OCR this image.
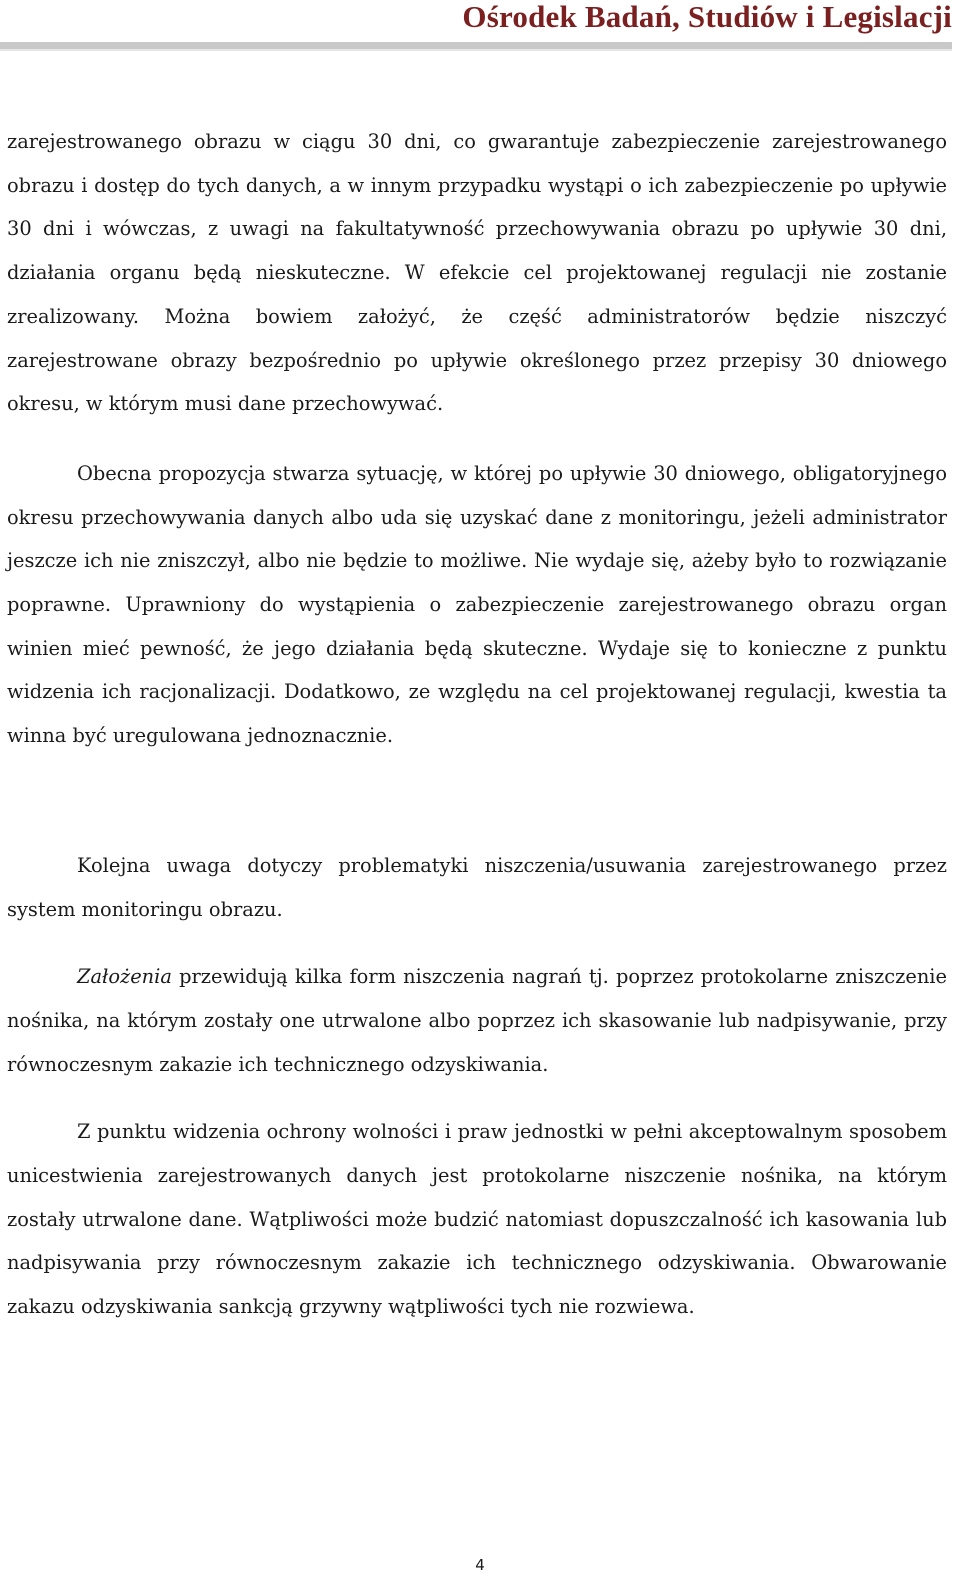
Ośrodek Badań, Studiów i Legislacji

zarejestrowanego obrazu w ciągu 30 dni, co gwarantuje zabezpieczenie zarejestrowanego obrazu i dostęp do tych danych, a w innym przypadku wystąpi o ich zabezpieczenie po upływie 30 dni i wówczas, z uwagi na fakultatywność przechowywania obrazu po upływie 30 dni, działania organu będą nieskuteczne. W efekcie cel projektowanej regulacji nie zostanie zrealizowany. Można bowiem założyć, że część administratorów będzie niszczyć zarejestrowane obrazy bezpośrednio po upływie określonego przez przepisy 30 dniowego okresu, w którym musi dane przechowywać.

Obecna propozycja stwarza sytuację, w której po upływie 30 dniowego, obligatoryjnego okresu przechowywania danych albo uda się uzyskać dane z monitoringu, jeżeli administrator jeszcze ich nie zniszczył, albo nie będzie to możliwe. Nie wydaje się, ażeby było to rozwiązanie poprawne. Uprawniony do wystąpienia o zabezpieczenie zarejestrowanego obrazu organ winien mieć pewność, że jego działania będą skuteczne. Wydaje się to konieczne z punktu widzenia ich racjonalizacji. Dodatkowo, ze względu na cel projektowanej regulacji, kwestia ta winna być uregulowana jednoznacznie.

Kolejna uwaga dotyczy problematyki niszczenia/usuwania zarejestrowanego przez system monitoringu obrazu.

Założenia przewidują kilka form niszczenia nagrań tj. poprzez protokolarne zniszczenie nośnika, na którym zostały one utrwalone albo poprzez ich skasowanie lub nadpisywanie, przy równoczesnym zakazie ich technicznego odzyskiwania.

Z punktu widzenia ochrony wolności i praw jednostki w pełni akceptowalnym sposobem unicestwienia zarejestrowanych danych jest protokolarne niszczenie nośnika, na którym zostały utrwalone dane. Wątpliwości może budzić natomiast dopuszczalność ich kasowania lub nadpisywania przy równoczesnym zakazie ich technicznego odzyskiwania. Obwarowanie zakazu odzyskiwania sankcją grzywny wątpliwości tych nie rozwiewa.

4
